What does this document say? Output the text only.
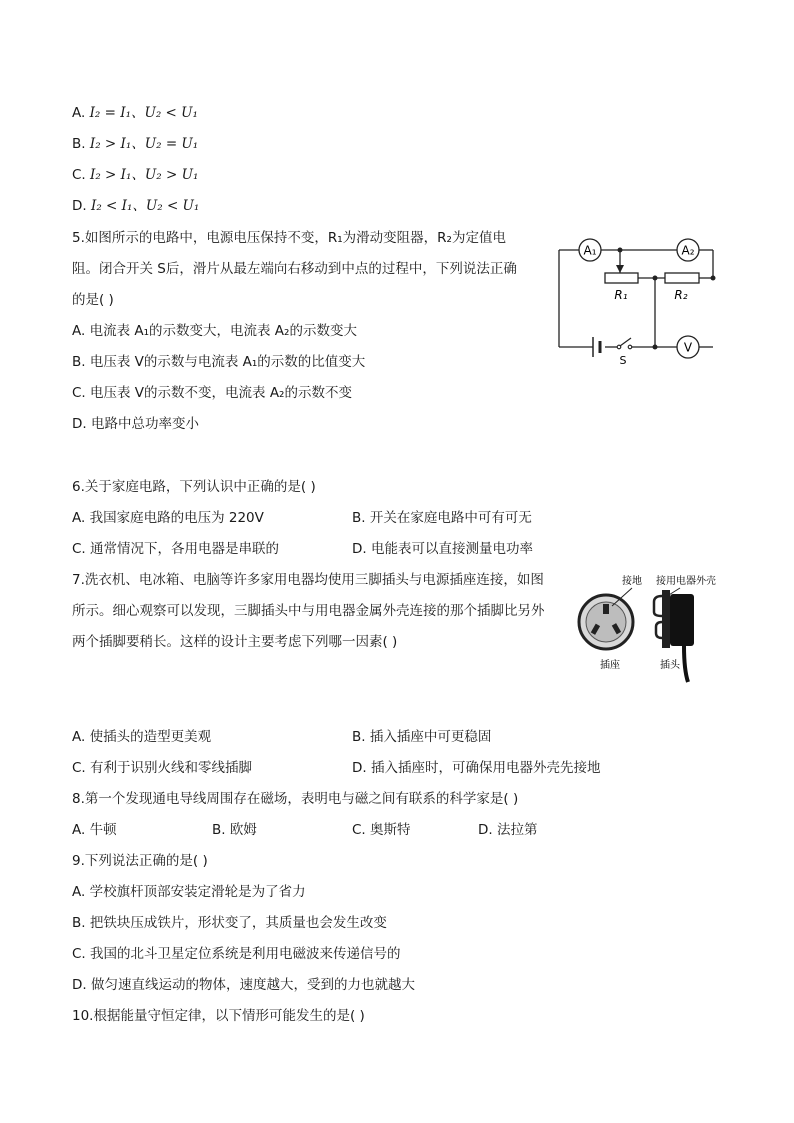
A. I₂ = I₁、U₂ < U₁
B. I₂ > I₁、U₂ = U₁
C. I₂ > I₁、U₂ > U₁
D. I₂ < I₁、U₂ < U₁
5.如图所示的电路中，电源电压保持不变，R₁为滑动变阻器，R₂为定值电
阻。闭合开关 S后，滑片从最左端向右移动到中点的过程中，下列说法正确
的是( )
A. 电流表 A₁的示数变大，电流表 A₂的示数变大
B. 电压表 V的示数与电流表 A₁的示数的比值变大
C. 电压表 V的示数不变，电流表 A₂的示数不变
D. 电路中总功率变小
A₁	A₂
R₁	R₂
S
V
6.关于家庭电路，下列认识中正确的是( )
A. 我国家庭电路的电压为 220V	B. 开关在家庭电路中可有可无
C. 通常情况下，各用电器是串联的	D. 电能表可以直接测量电功率
7.洗衣机、电冰箱、电脑等许多家用电器均使用三脚插头与电源插座连接，如图
所示。细心观察可以发现，三脚插头中与用电器金属外壳连接的那个插脚比另外
两个插脚要稍长。这样的设计主要考虑下列哪一因素( )
接地 接用电器外壳
插座	插头
A. 使插头的造型更美观	B. 插入插座中可更稳固
C. 有利于识别火线和零线插脚	D. 插入插座时，可确保用电器外壳先接地
8.第一个发现通电导线周围存在磁场，表明电与磁之间有联系的科学家是( )
A. 牛顿	B. 欧姆	C. 奥斯特	D. 法拉第
9.下列说法正确的是( )
A. 学校旗杆顶部安装定滑轮是为了省力
B. 把铁块压成铁片，形状变了，其质量也会发生改变
C. 我国的北斗卫星定位系统是利用电磁波来传递信号的
D. 做匀速直线运动的物体，速度越大，受到的力也就越大
10.根据能量守恒定律，以下情形可能发生的是( )
